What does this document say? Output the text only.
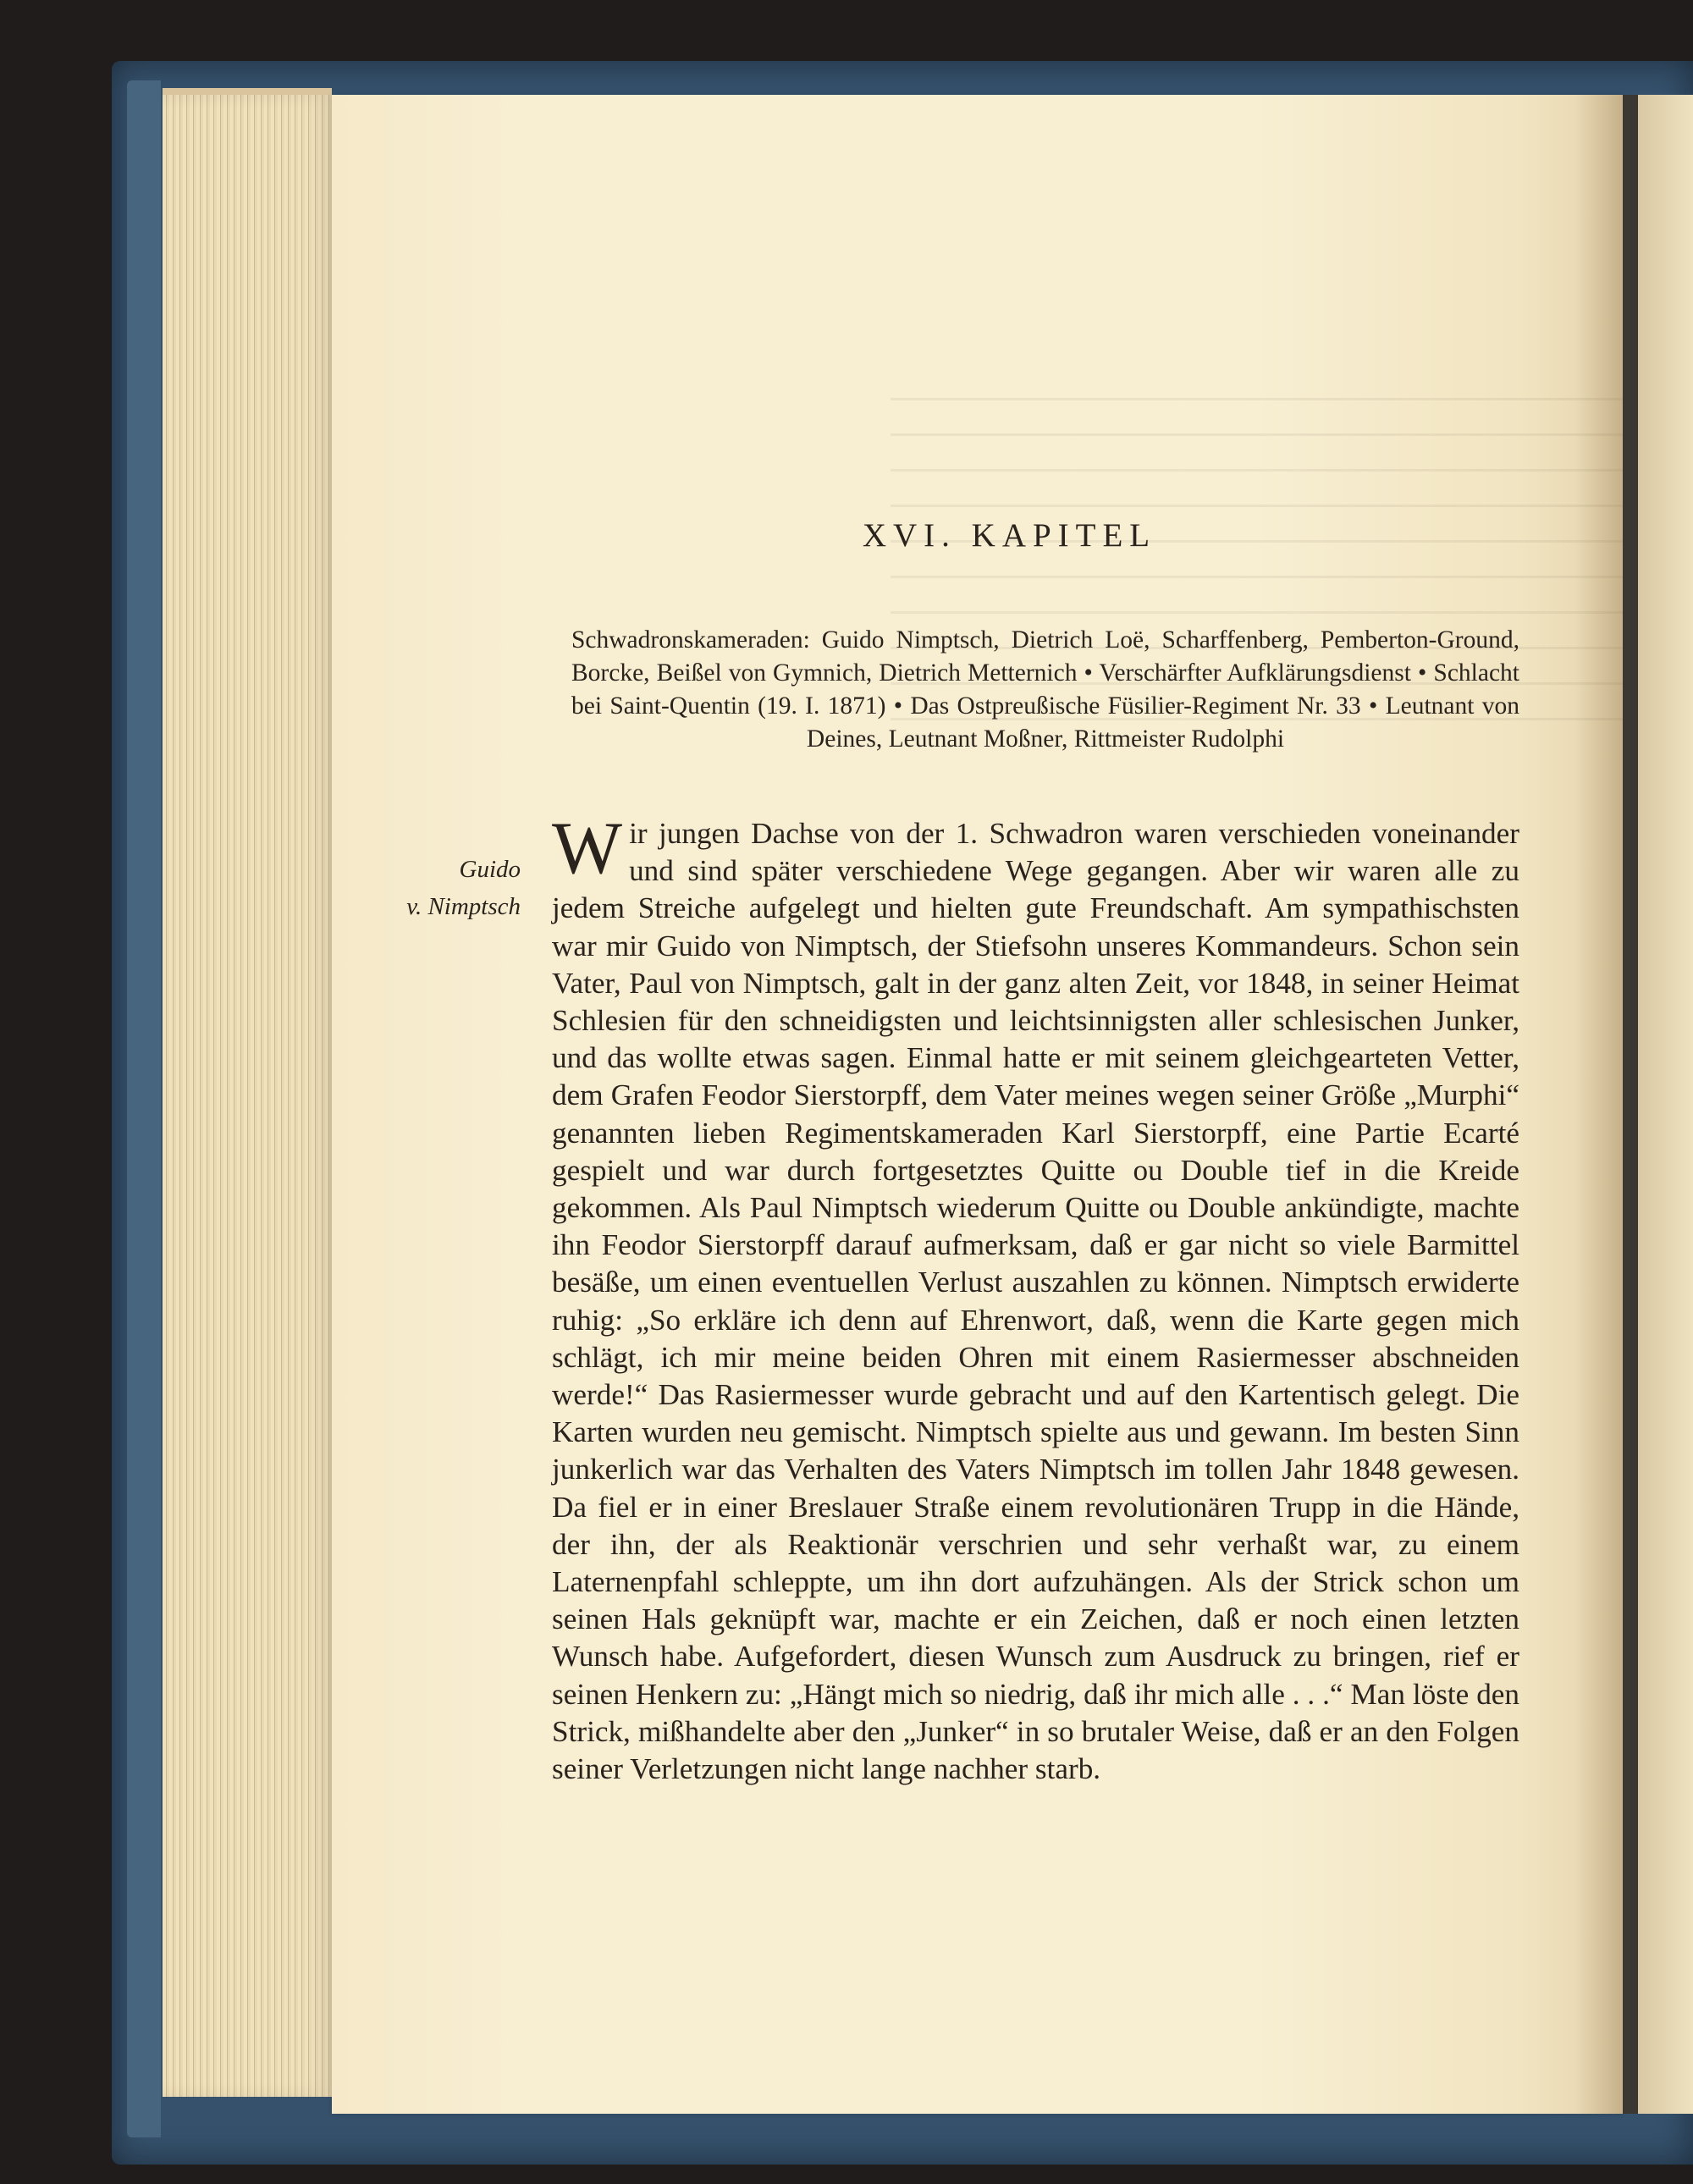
XVI. KAPITEL

Schwadronskameraden: Guido Nimptsch, Dietrich Loë, Scharffenberg, Pemberton-Ground, Borcke, Beißel von Gymnich, Dietrich Metternich • Verschärfter Aufklärungsdienst • Schlacht bei Saint-Quentin (19. I. 1871) • Das Ostpreußische Füsilier-Regiment Nr. 33 • Leutnant von Deines, Leutnant Moßner, Rittmeister Rudolphi

Guido
v. Nimptsch

Wir jungen Dachse von der 1. Schwadron waren verschieden voneinander und sind später verschiedene Wege gegangen. Aber wir waren alle zu jedem Streiche aufgelegt und hielten gute Freundschaft. Am sympathischsten war mir Guido von Nimptsch, der Stiefsohn unseres Kommandeurs. Schon sein Vater, Paul von Nimptsch, galt in der ganz alten Zeit, vor 1848, in seiner Heimat Schlesien für den schneidigsten und leichtsinnigsten aller schlesischen Junker, und das wollte etwas sagen. Einmal hatte er mit seinem gleichgearteten Vetter, dem Grafen Feodor Sierstorpff, dem Vater meines wegen seiner Größe „Murphi“ genannten lieben Regimentskameraden Karl Sierstorpff, eine Partie Ecarté gespielt und war durch fortgesetztes Quitte ou Double tief in die Kreide gekommen. Als Paul Nimptsch wiederum Quitte ou Double ankündigte, machte ihn Feodor Sierstorpff darauf aufmerksam, daß er gar nicht so viele Barmittel besäße, um einen eventuellen Verlust auszahlen zu können. Nimptsch erwiderte ruhig: „So erkläre ich denn auf Ehrenwort, daß, wenn die Karte gegen mich schlägt, ich mir meine beiden Ohren mit einem Rasiermesser abschneiden werde!“ Das Rasiermesser wurde gebracht und auf den Kartentisch gelegt. Die Karten wurden neu gemischt. Nimptsch spielte aus und gewann. Im besten Sinn junkerlich war das Verhalten des Vaters Nimptsch im tollen Jahr 1848 gewesen. Da fiel er in einer Breslauer Straße einem revolutionären Trupp in die Hände, der ihn, der als Reaktionär verschrien und sehr verhaßt war, zu einem Laternenpfahl schleppte, um ihn dort aufzuhängen. Als der Strick schon um seinen Hals geknüpft war, machte er ein Zeichen, daß er noch einen letzten Wunsch habe. Aufgefordert, diesen Wunsch zum Ausdruck zu bringen, rief er seinen Henkern zu: „Hängt mich so niedrig, daß ihr mich alle . . .“ Man löste den Strick, mißhandelte aber den „Junker“ in so brutaler Weise, daß er an den Folgen seiner Verletzungen nicht lange nachher starb.
